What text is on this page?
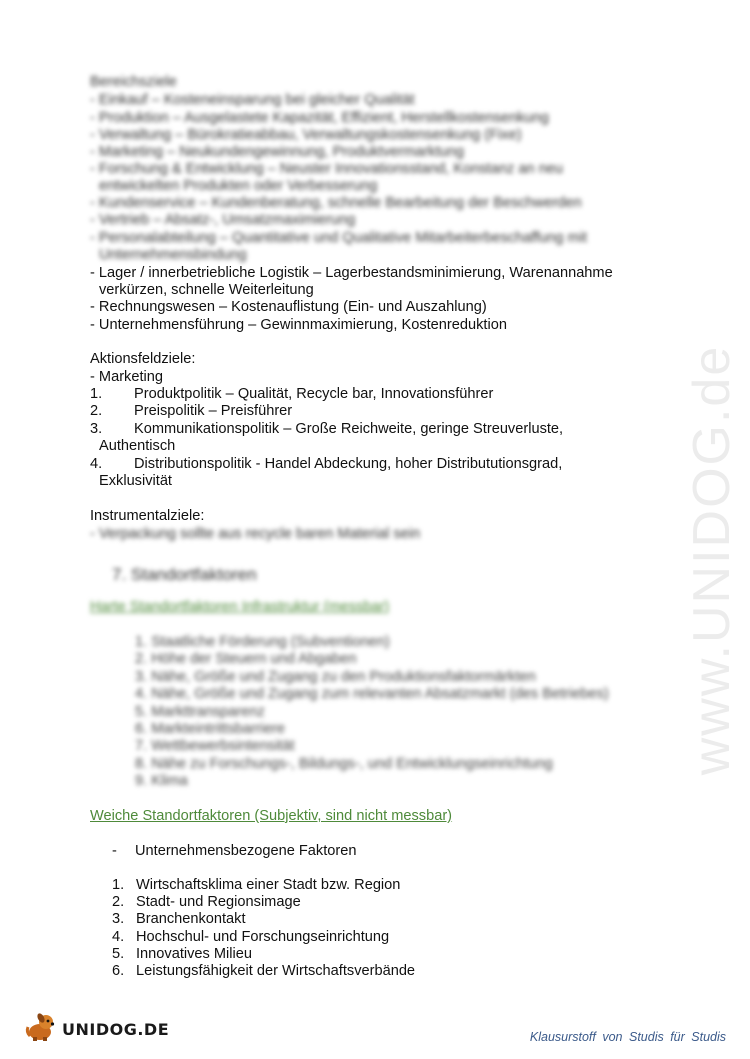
www.UNIDOG.de
Bereichsziele
- Einkauf – Kosteneinsparung bei gleicher Qualität
- Produktion – Ausgelastete Kapazität, Effizient, Herstellkostensenkung
- Verwaltung – Bürokratieabbau, Verwaltungskostensenkung (Fixe)
- Marketing – Neukundengewinnung, Produktvermarktung
- Forschung & Entwicklung – Neuster Innovationsstand, Konstanz an neu
entwickelten Produkten oder Verbesserung
- Kundenservice – Kundenberatung, schnelle Bearbeitung der Beschwerden
- Vertrieb – Absatz-, Umsatzmaximierung
- Personalabteilung – Quantitative und Qualitative Mitarbeiterbeschaffung mit
Unternehmensbindung
- Lager / innerbetriebliche Logistik – Lagerbestandsminimierung, Warenannahme
verkürzen, schnelle Weiterleitung
- Rechnungswesen – Kostenauflistung (Ein- und Auszahlung)
- Unternehmensführung – Gewinnmaximierung, Kostenreduktion
Aktionsfeldziele:
- Marketing
1. Produktpolitik – Qualität, Recycle bar, Innovationsführer
2. Preispolitik – Preisführer
3. Kommunikationspolitik – Große Reichweite, geringe Streuverluste,
Authentisch
4. Distributionspolitik - Handel Abdeckung, hoher Distribututionsgrad,
Exklusivität
Instrumentalziele:
- Verpackung sollte aus recycle baren Material sein
7. Standortfaktoren
Harte Standortfaktoren Infrastruktur (messbar)
1. Staatliche Förderung (Subventionen)
2. Höhe der Steuern und Abgaben
3. Nähe, Größe und Zugang zu den Produktionsfaktormärkten
4. Nähe, Größe und Zugang zum relevanten Absatzmarkt (des Betriebes)
5. Markttransparenz
6. Markteintrittsbarriere
7. Wettbewerbsintensität
8. Nähe zu Forschungs-, Bildungs-, und Entwicklungseinrichtung
9. Klima
Weiche Standortfaktoren (Subjektiv, sind nicht messbar)
- Unternehmensbezogene Faktoren
1. Wirtschaftsklima einer Stadt bzw. Region
2. Stadt- und Regionsimage
3. Branchenkontakt
4. Hochschul- und Forschungseinrichtung
5. Innovatives Milieu
6. Leistungsfähigkeit der Wirtschaftsverbände
UNIDOG.DE	Klausurstoff von Studis für Studis
